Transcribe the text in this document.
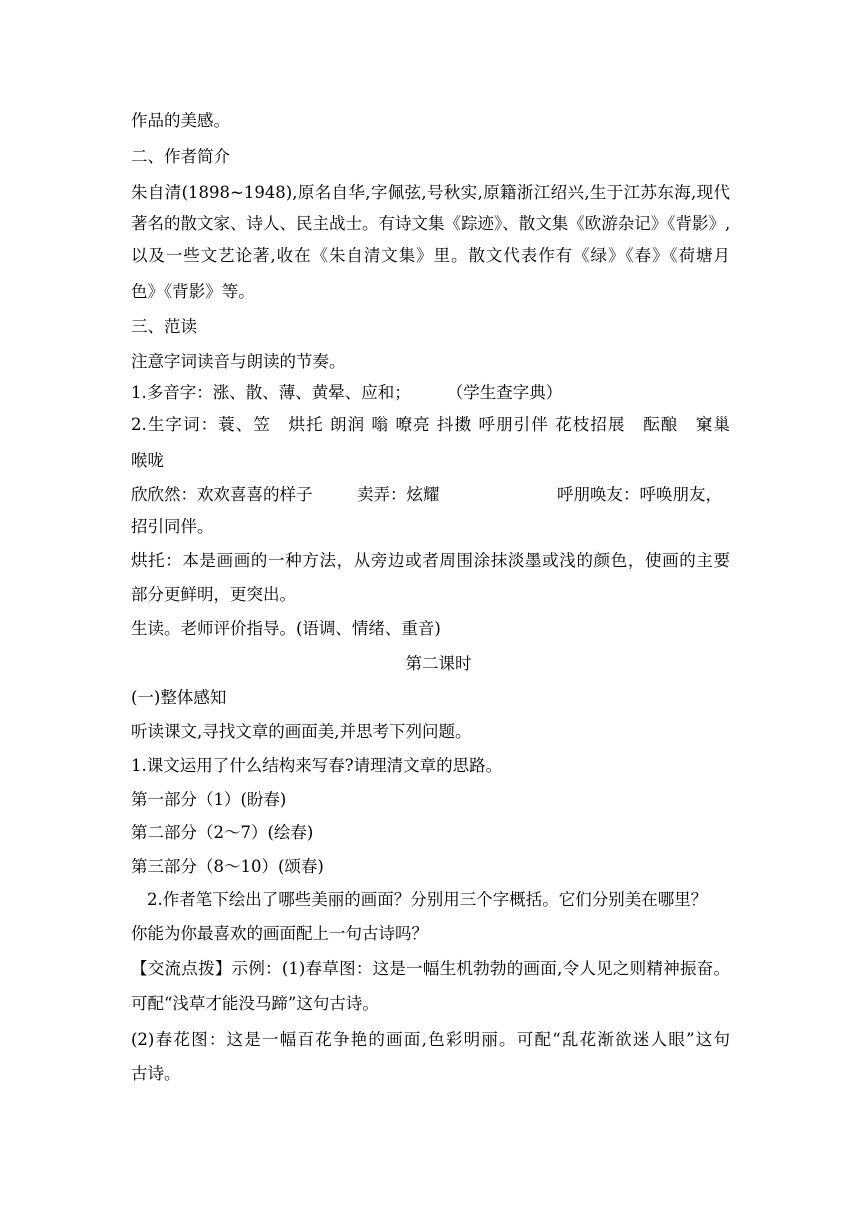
作品的美感。
二、作者简介
朱自清(1898~1948),原名自华,字佩弦,号秋实,原籍浙江绍兴,生于江苏东海,现代
著名的散文家、诗人、民主战士。有诗文集《踪迹》、散文集《欧游杂记》《背影》,
以及一些文艺论著,收在《朱自清文集》里。散文代表作有《绿》《春》《荷塘月
色》《背影》等。
三、范读
注意字词读音与朗读的节奏。
1.多音字：涨、散、薄、黄晕、应和； （学生查字典）
2.生字词：蓑、笠　烘托 朗润 嗡 嘹亮 抖擞 呼朋引伴 花枝招展　酝酿　窠巢
喉咙
欣欣然：欢欢喜喜的样子	卖弄：炫耀	呼朋唤友：呼唤朋友，
招引同伴。
烘托：本是画画的一种方法，从旁边或者周围涂抹淡墨或浅的颜色，使画的主要
部分更鲜明，更突出。
生读。老师评价指导。(语调、情绪、重音)
第二课时
(一)整体感知
听读课文,寻找文章的画面美,并思考下列问题。
1.课文运用了什么结构来写春?请理清文章的思路。
第一部分（1）(盼春)
第二部分（2～7）(绘春)
第三部分（8～10）(颂春)
2.作者笔下绘出了哪些美丽的画面？分别用三个字概括。它们分别美在哪里？
你能为你最喜欢的画面配上一句古诗吗？
【交流点拨】示例：(1)春草图：这是一幅生机勃勃的画面,令人见之则精神振奋。
可配“浅草才能没马蹄”这句古诗。
(2)春花图：这是一幅百花争艳的画面,色彩明丽。可配“乱花渐欲迷人眼”这句
古诗。
